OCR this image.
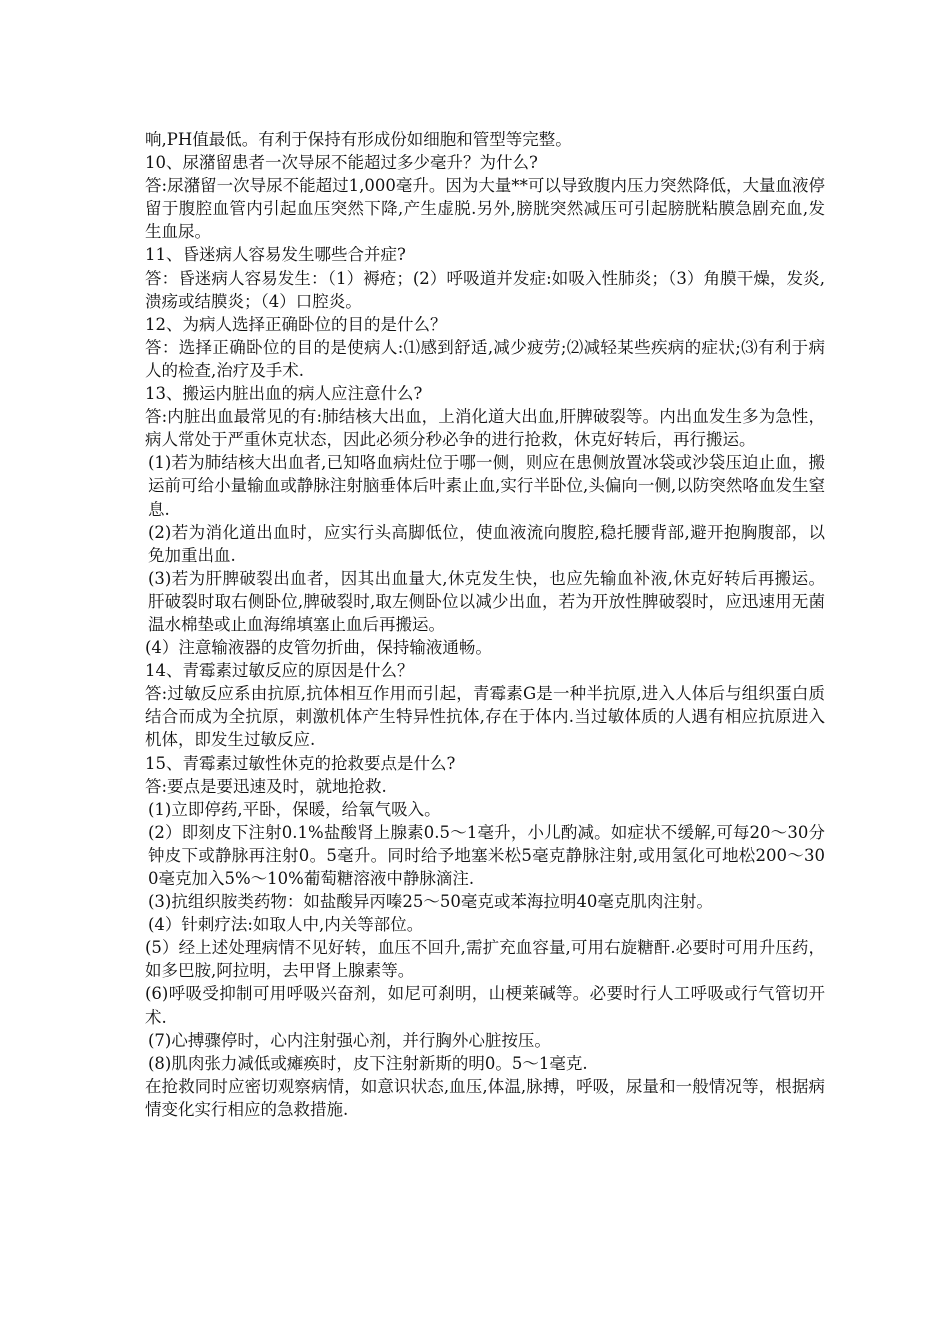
响,PH值最低。有利于保持有形成份如细胞和管型等完整。

10、尿潴留患者一次导尿不能超过多少毫升？为什么?

答:尿潴留一次导尿不能超过1,000毫升。因为大量**可以导致腹内压力突然降低，大量血液停留于腹腔血管内引起血压突然下降,产生虚脱.另外,膀胱突然减压可引起膀胱粘膜急剧充血,发生血尿。

11、昏迷病人容易发生哪些合并症?

答：昏迷病人容易发生：（1）褥疮；(2）呼吸道并发症:如吸入性肺炎；（3）角膜干燥，发炎,溃疡或结膜炎；（4）口腔炎。

12、为病人选择正确卧位的目的是什么？

答：选择正确卧位的目的是使病人:⑴感到舒适,减少疲劳;⑵减轻某些疾病的症状;⑶有利于病人的检查,治疗及手术.

13、搬运内脏出血的病人应注意什么?

答:内脏出血最常见的有:肺结核大出血，上消化道大出血,肝脾破裂等。内出血发生多为急性，病人常处于严重休克状态，因此必须分秒必争的进行抢救，休克好转后，再行搬运。

(1)若为肺结核大出血者,已知咯血病灶位于哪一侧，则应在患侧放置冰袋或沙袋压迫止血，搬运前可给小量输血或静脉注射脑垂体后叶素止血,实行半卧位,头偏向一侧,以防突然咯血发生窒息.

(2)若为消化道出血时，应实行头高脚低位，使血液流向腹腔,稳托腰背部,避开抱胸腹部，以免加重出血.

(3)若为肝脾破裂出血者，因其出血量大,休克发生快，也应先输血补液,休克好转后再搬运。肝破裂时取右侧卧位,脾破裂时,取左侧卧位以减少出血，若为开放性脾破裂时，应迅速用无菌温水棉垫或止血海绵填塞止血后再搬运。

(4）注意输液器的皮管勿折曲，保持输液通畅。

14、青霉素过敏反应的原因是什么？

答:过敏反应系由抗原,抗体相互作用而引起，青霉素G是一种半抗原,进入人体后与组织蛋白质结合而成为全抗原，刺激机体产生特异性抗体,存在于体内.当过敏体质的人遇有相应抗原进入机体，即发生过敏反应.

15、青霉素过敏性休克的抢救要点是什么?

答:要点是要迅速及时，就地抢救.

(1)立即停药,平卧，保暖，给氧气吸入。

(2）即刻皮下注射0.1%盐酸肾上腺素0.5～1毫升，小儿酌减。如症状不缓解,可每20～30分钟皮下或静脉再注射0。5毫升。同时给予地塞米松5毫克静脉注射,或用氢化可地松200～300毫克加入5%～10%葡萄糖溶液中静脉滴注.

(3)抗组织胺类药物：如盐酸异丙嗪25～50毫克或苯海拉明40毫克肌肉注射。

(4）针刺疗法:如取人中,内关等部位。

(5）经上述处理病情不见好转，血压不回升,需扩充血容量,可用右旋糖酐.必要时可用升压药，如多巴胺,阿拉明，去甲肾上腺素等。

(6)呼吸受抑制可用呼吸兴奋剂，如尼可刹明，山梗莱碱等。必要时行人工呼吸或行气管切开术.

(7)心搏骤停时，心内注射强心剂，并行胸外心脏按压。

(8)肌肉张力减低或瘫痪时，皮下注射新斯的明0。5～1毫克.

在抢救同时应密切观察病情，如意识状态,血压,体温,脉搏，呼吸，尿量和一般情况等，根据病情变化实行相应的急救措施.
